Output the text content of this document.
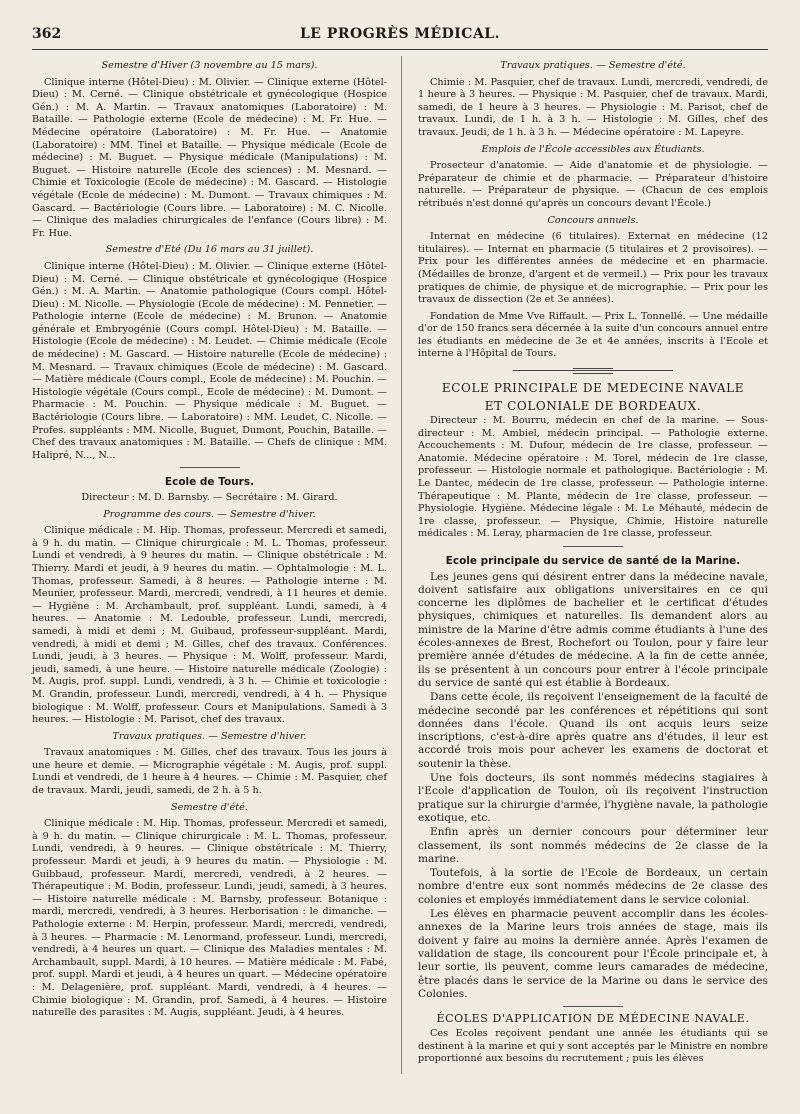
362	LE PROGRÈS MÉDICAL.
Semestre d'Hiver (3 novembre au 15 mars).

Clinique interne (Hôtel-Dieu) : M. Olivier. — Clinique externe (Hôtel-Dieu) : M. Cerné. — Clinique obstétricale et gynécologique (Hospice Gén.) : M. A. Martin. — Travaux anatomiques (Laboratoire) : M. Bataille. — Pathologie externe (Ecole de médecine) : M. Fr. Hue. — Médecine opératoire (Laboratoire) : M. Fr. Hue. — Anatomie (Laboratoire) : MM. Tinel et Bataille. — Physique médicale (Ecole de médecine) : M. Buguet. — Physique médicale (Manipulations) : M. Buguet. — Histoire naturelle (Ecole des sciences) : M. Mesnard. — Chimie et Toxicologie (Ecole de médecine) : M. Gascard. — Histologie végétale (Ecole de médecine) : M. Dumont. — Travaux chimiques : M. Gascard. — Bactériologie (Cours libre. — Laboratoire) : M. C. Nicolle. — Clinique des maladies chirurgicales de l'enfance (Cours libre) : M. Fr. Hue.

Semestre d'Eté (Du 16 mars au 31 juillet).

Clinique interne (Hôtel-Dieu) : M. Olivier. — Clinique externe (Hôtel-Dieu) : M. Cerné. — Clinique obstétricale et gynécologique (Hospice Gén.) : M. A. Martin. — Anatomie pathologique (Cours compl. Hôtel-Dieu) : M. Nicolle. — Physiologie (Ecole de médecine) : M. Pennetier. — Pathologie interne (Ecole de médecine) : M. Brunon. — Anatomie générale et Embryogénie (Cours compl. Hôtel-Dieu) : M. Bataille. — Histologie (Ecole de médecine) : M. Leudet. — Chimie médicale (Ecole de médecine) : M. Gascard. — Histoire naturelle (Ecole de médecine) : M. Mesnard. — Travaux chimiques (Ecole de médecine) : M. Gascard. — Matière médicale (Cours compl., Ecole de médecine) : M. Pouchin. — Histologie végétale (Cours compl., Ecole de médecine) : M. Dumont. — Pharmacie : M. Pouchin. — Physique médicale : M. Buguet. — Bactériologie (Cours libre. — Laboratoire) : MM. Leudet, C. Nicolle. — Profes. suppléants : MM. Nicolle, Buguet, Dumont, Pouchin, Bataille. — Chef des travaux anatomiques : M. Bataille. — Chefs de clinique : MM. Halipré, N..., N...

Ecole de Tours.
Directeur : M. D. Barnsby. — Secrétaire : M. Girard.
Programme des cours. — Semestre d'hiver.

Clinique médicale : M. Hip. Thomas, professeur. Mercredi et samedi, à 9 h. du matin. — Clinique chirurgicale : M. L. Thomas, professeur. Lundi et vendredi, à 9 heures du matin. — Clinique obstétricale : M. Thierry. Mardi et jeudi, à 9 heures du matin. — Ophtalmologie : M. L. Thomas, professeur. Samedi, à 8 heures. — Pathologie interne : M. Meunier, professeur. Mardi, mercredi, vendredi, à 11 heures et demie. — Hygiène : M. Archambault, prof. suppléant. Lundi, samedi, à 4 heures. — Anatomie : M. Ledouble, professeur. Lundi, mercredi, samedi, à midi et demi ; M. Guibaud, professeur-suppléant. Mardi, vendredi, à midi et demi ; M. Gilles, chef des travaux. Conférences. Lundi, jeudi, à 3 heures. — Physique : M. Wolff, professeur. Mardi, jeudi, samedi, à une heure. — Histoire naturelle médicale (Zoologie) : M. Augis, prof. suppl. Lundi, vendredi, à 3 h. — Chimie et toxicologie : M. Grandin, professeur. Lundi, mercredi, vendredi, à 4 h. — Physique biologique : M. Wolff, professeur. Cours et Manipulations. Samedi à 3 heures. — Histologie : M. Parisot, chef des travaux.

Travaux pratiques. — Semestre d'hiver.

Travaux anatomiques : M. Gilles, chef des travaux. Tous les jours à une heure et demie. — Micrographie végétale : M. Augis, prof. suppl. Lundi et vendredi, de 1 heure à 4 heures. — Chimie : M. Pasquier, chef de travaux. Mardi, jeudi, samedi, de 2 h. à 5 h.

Semestre d'été.

Clinique médicale : M. Hip. Thomas, professeur. Mercredi et samedi, à 9 h. du matin. — Clinique chirurgicale : M. L. Thomas, professeur. Lundi, vendredi, à 9 heures. — Clinique obstétricale : M. Thierry, professeur. Mardi et jeudi, à 9 heures du matin. — Physiologie : M. Guibbaud, professeur. Mardi, mercredi, vendredi, à 2 heures. — Thérapeutique : M. Bodin, professeur. Lundi, jeudi, samedi, à 3 heures. — Histoire naturelle médicale : M. Barnsby, professeur. Botanique : mardi, mercredi, vendredi, à 3 heures. Herborisation : le dimanche. — Pathologie externe : M. Herpin, professeur. Mardi, mercredi, vendredi, à 3 heures. — Pharmacie : M. Lenormand, professeur. Lundi, mercredi, vendredi, à 4 heures un quart. — Clinique des Maladies mentales : M. Archambault, suppl. Mardi, à 10 heures. — Matière médicale : M. Fabé, prof. suppl. Mardi et jeudi, à 4 heures un quart. — Médecine opératoire : M. Delagenière, prof. suppléant. Mardi, vendredi, à 4 heures. — Chimie biologique : M. Grandin, prof. Samedi, à 4 heures. — Histoire naturelle des parasites : M. Augis, suppléant. Jeudi, à 4 heures.

Travaux pratiques. — Semestre d'été.

Chimie : M. Pasquier, chef de travaux. Lundi, mercredi, vendredi, de 1 heure à 3 heures. — Physique : M. Pasquier, chef de travaux. Mardi, samedi, de 1 heure à 3 heures. — Physiologie : M. Parisot, chef de travaux. Lundi, de 1 h. à 3 h. — Histologie : M. Gilles, chef des travaux. Jeudi, de 1 h. à 3 h. — Médecine opératoire : M. Lapeyre.

Emplois de l'École accessibles aux Étudiants.

Prosecteur d'anatomie. — Aide d'anatomie et de physiologie. — Préparateur de chimie et de pharmacie. — Préparateur d'histoire naturelle. — Préparateur de physique. — (Chacun de ces emplois rétribués n'est donné qu'après un concours devant l'École.)

Concours annuels.

Internat en médecine (6 titulaires). Externat en médecine (12 titulaires). — Internat en pharmacie (5 titulaires et 2 provisoires). — Prix pour les différentes années de médecine et en pharmacie. (Médailles de bronze, d'argent et de vermeil.) — Prix pour les travaux pratiques de chimie, de physique et de micrographie. — Prix pour les travaux de dissection (2e et 3e années).

Fondation de Mme Vve Riffault. — Prix L. Tonnellé. — Une médaille d'or de 150 francs sera décernée à la suite d'un concours annuel entre les étudiants en médecine de 3e et 4e années, inscrits à l'Ecole et interne à l'Hôpital de Tours.

ECOLE PRINCIPALE DE MEDECINE NAVALE
ET COLONIALE DE BORDEAUX.

Directeur : M. Bourru, médecin en chef de la marine. — Sous-directeur : M. Ambiel, médecin principal. — Pathologie externe. Accouchements : M. Dufour, médecin de 1re classe, professeur. — Anatomie. Médecine opératoire : M. Torel, médecin de 1re classe, professeur. — Histologie normale et pathologique. Bactériologie : M. Le Dantec, médecin de 1re classe, professeur. — Pathologie interne. Thérapeutique : M. Plante, médecin de 1re classe, professeur. — Physiologie. Hygiène. Médecine légale : M. Le Méhauté, médecin de 1re classe, professeur. — Physique, Chimie, Histoire naturelle médicales : M. Leray, pharmacien de 1re classe, professeur.

Ecole principale du service de santé de la Marine.

Les jeunes gens qui désirent entrer dans la médecine navale, doivent satisfaire aux obligations universitaires en ce qui concerne les diplômes de bachelier et le certificat d'études physiques, chimiques et naturelles. Ils demandent alors au ministre de la Marine d'être admis comme étudiants à l'une des écoles-annexes de Brest, Rochefort ou Toulon, pour y faire leur première année d'études de médecine. A la fin de cette année, ils se présentent à un concours pour entrer à l'école principale du service de santé qui est établie à Bordeaux.

Dans cette école, ils reçoivent l'enseignement de la faculté de médecine secondé par les conférences et répétitions qui sont données dans l'école. Quand ils ont acquis leurs seize inscriptions, c'est-à-dire après quatre ans d'études, il leur est accordé trois mois pour achever les examens de doctorat et soutenir la thèse.

Une fois docteurs, ils sont nommés médecins stagiaires à l'Ecole d'application de Toulon, où ils reçoivent l'instruction pratique sur la chirurgie d'armée, l'hygiène navale, la pathologie exotique, etc.

Enfin après un dernier concours pour déterminer leur classement, ils sont nommés médecins de 2e classe de la marine.

Toutefois, à la sortie de l'Ecole de Bordeaux, un certain nombre d'entre eux sont nommés médecins de 2e classe des colonies et employés immédiatement dans le service colonial.

Les élèves en pharmacie peuvent accomplir dans les écoles-annexes de la Marine leurs trois années de stage, mais ils doivent y faire au moins la dernière année. Après l'examen de validation de stage, ils concourent pour l'École principale et, à leur sortie, ils peuvent, comme leurs camarades de médecine, être placés dans le service de la Marine ou dans le service des Colonies.

ÉCOLES D'APPLICATION DE MÉDECINE NAVALE.

Ces Ecoles reçoivent pendant une année les étudiants qui se destinent à la marine et qui y sont acceptés par le Ministre en nombre proportionné aux besoins du recrutement ; puis les élèves
